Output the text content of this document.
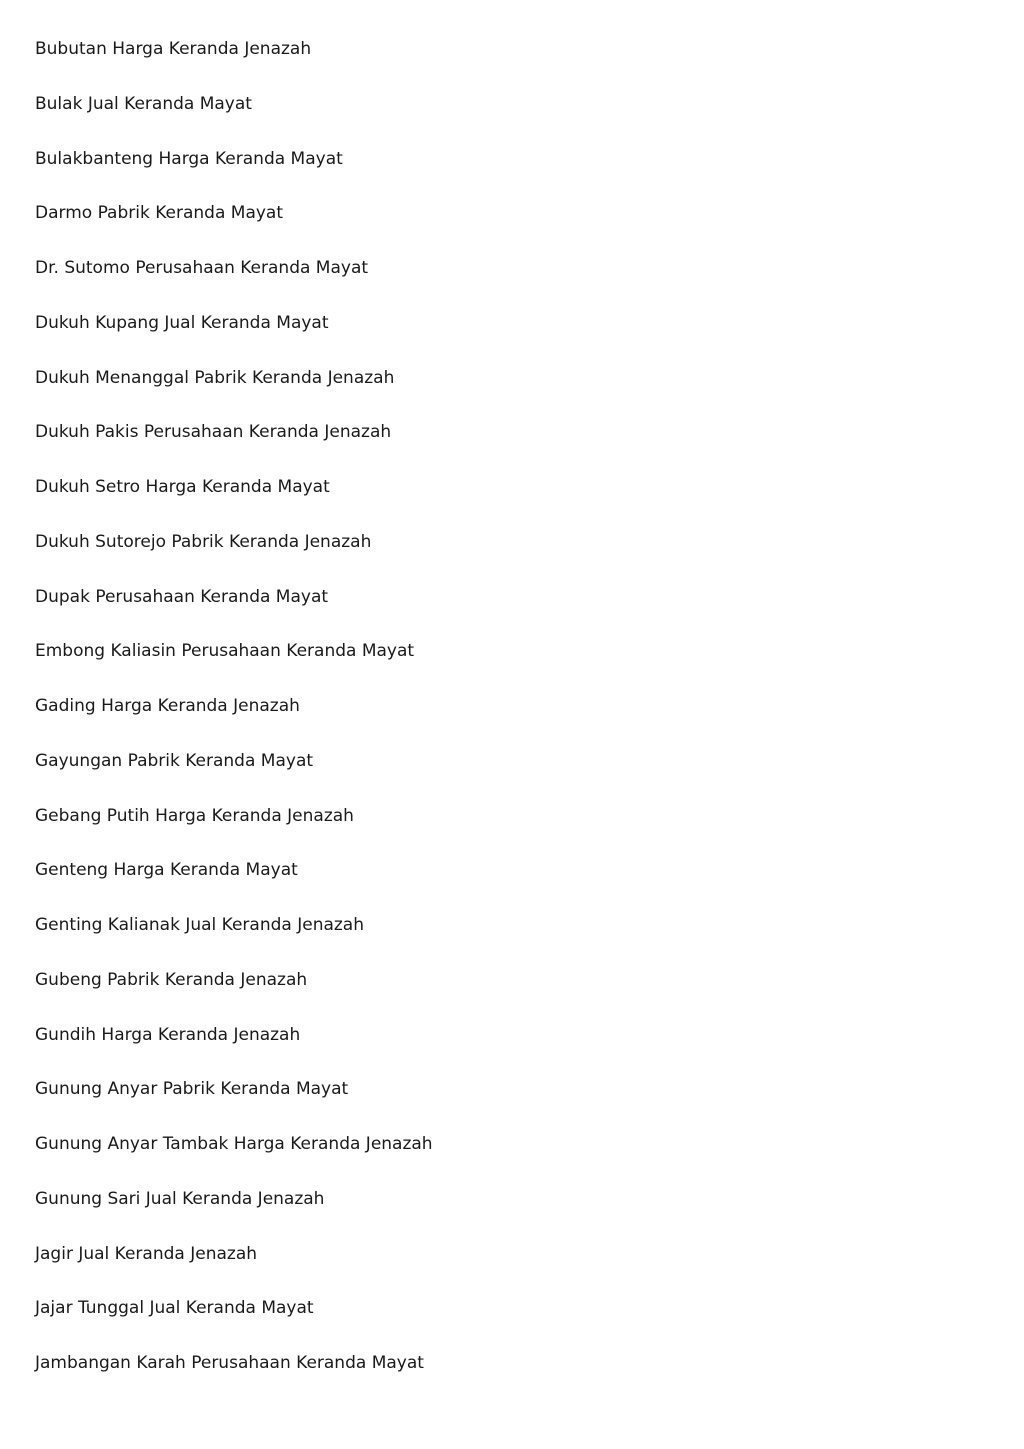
Bubutan Harga Keranda Jenazah
Bulak Jual Keranda Mayat
Bulakbanteng Harga Keranda Mayat
Darmo Pabrik Keranda Mayat
Dr. Sutomo Perusahaan Keranda Mayat
Dukuh Kupang Jual Keranda Mayat
Dukuh Menanggal Pabrik Keranda Jenazah
Dukuh Pakis Perusahaan Keranda Jenazah
Dukuh Setro Harga Keranda Mayat
Dukuh Sutorejo Pabrik Keranda Jenazah
Dupak Perusahaan Keranda Mayat
Embong Kaliasin Perusahaan Keranda Mayat
Gading Harga Keranda Jenazah
Gayungan Pabrik Keranda Mayat
Gebang Putih Harga Keranda Jenazah
Genteng Harga Keranda Mayat
Genting Kalianak Jual Keranda Jenazah
Gubeng Pabrik Keranda Jenazah
Gundih Harga Keranda Jenazah
Gunung Anyar Pabrik Keranda Mayat
Gunung Anyar Tambak Harga Keranda Jenazah
Gunung Sari Jual Keranda Jenazah
Jagir Jual Keranda Jenazah
Jajar Tunggal Jual Keranda Mayat
Jambangan Karah Perusahaan Keranda Mayat
